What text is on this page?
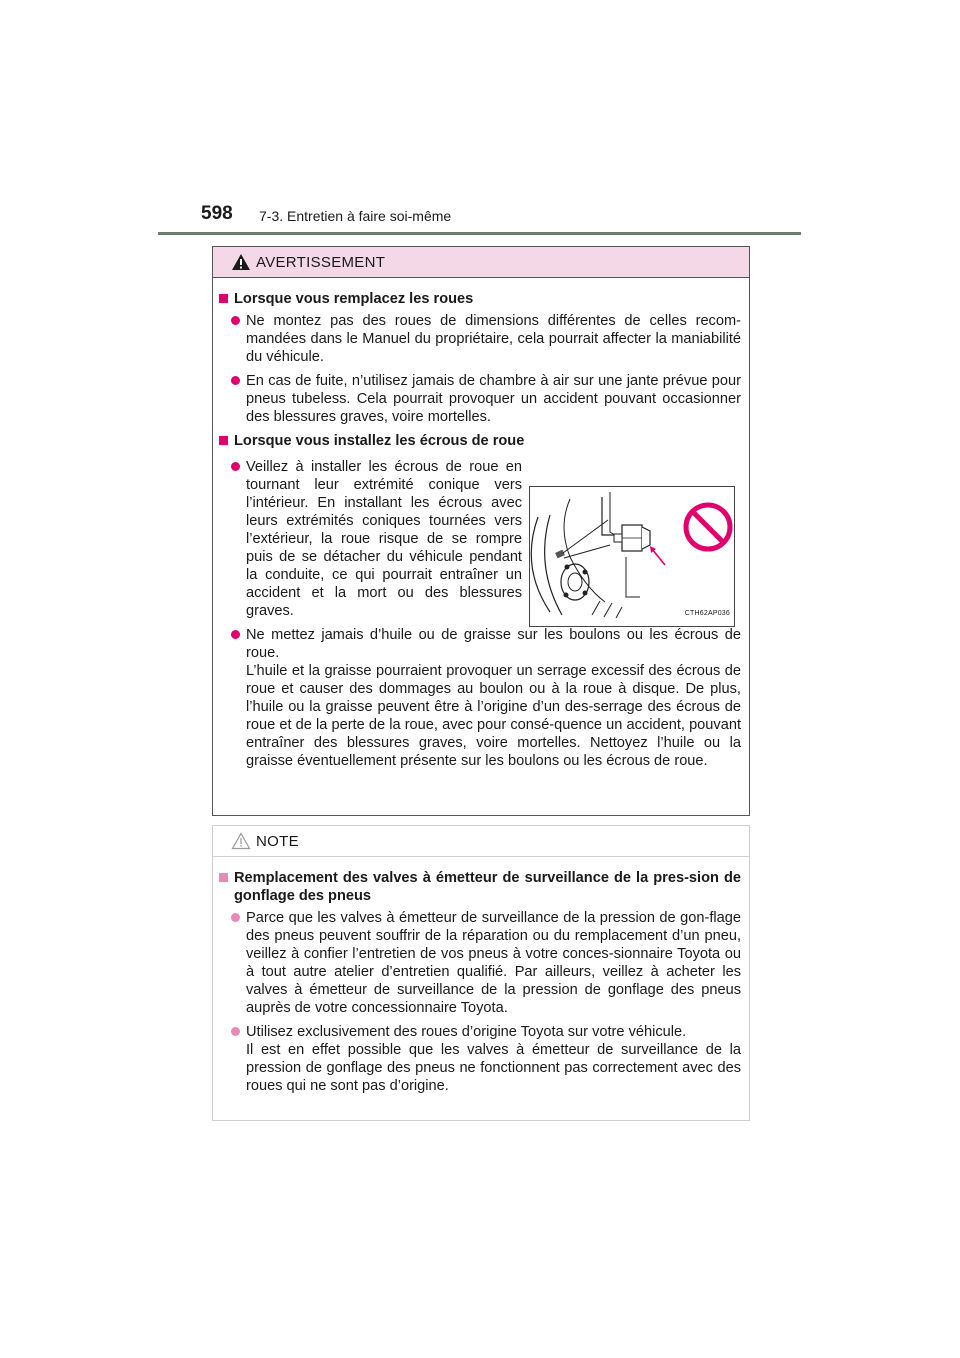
598 7-3. Entretien à faire soi-même
AVERTISSEMENT
Lorsque vous remplacez les roues
Ne montez pas des roues de dimensions différentes de celles recom-mandées dans le Manuel du propriétaire, cela pourrait affecter la maniabilité du véhicule.
En cas de fuite, n’utilisez jamais de chambre à air sur une jante prévue pour pneus tubeless. Cela pourrait provoquer un accident pouvant occasionner des blessures graves, voire mortelles.
Lorsque vous installez les écrous de roue
Veillez à installer les écrous de roue en tournant leur extrémité conique vers l’intérieur. En installant les écrous avec leurs extrémités coniques tournées vers l’extérieur, la roue risque de se rompre puis de se détacher du véhicule pendant la conduite, ce qui pourrait entraîner un accident et la mort ou des blessures graves.	CTH62AP036
Ne mettez jamais d’huile ou de graisse sur les boulons ou les écrous de roue.
L’huile et la graisse pourraient provoquer un serrage excessif des écrous de roue et causer des dommages au boulon ou à la roue à disque. De plus, l’huile ou la graisse peuvent être à l’origine d’un des-serrage des écrous de roue et de la perte de la roue, avec pour consé-quence un accident, pouvant entraîner des blessures graves, voire mortelles. Nettoyez l’huile ou la graisse éventuellement présente sur les boulons ou les écrous de roue.
NOTE
Remplacement des valves à émetteur de surveillance de la pres-sion de gonflage des pneus
Parce que les valves à émetteur de surveillance de la pression de gon-flage des pneus peuvent souffrir de la réparation ou du remplacement d’un pneu, veillez à confier l’entretien de vos pneus à votre conces-sionnaire Toyota ou à tout autre atelier d’entretien qualifié. Par ailleurs, veillez à acheter les valves à émetteur de surveillance de la pression de gonflage des pneus auprès de votre concessionnaire Toyota.
Utilisez exclusivement des roues d’origine Toyota sur votre véhicule.
Il est en effet possible que les valves à émetteur de surveillance de la pression de gonflage des pneus ne fonctionnent pas correctement avec des roues qui ne sont pas d’origine.
